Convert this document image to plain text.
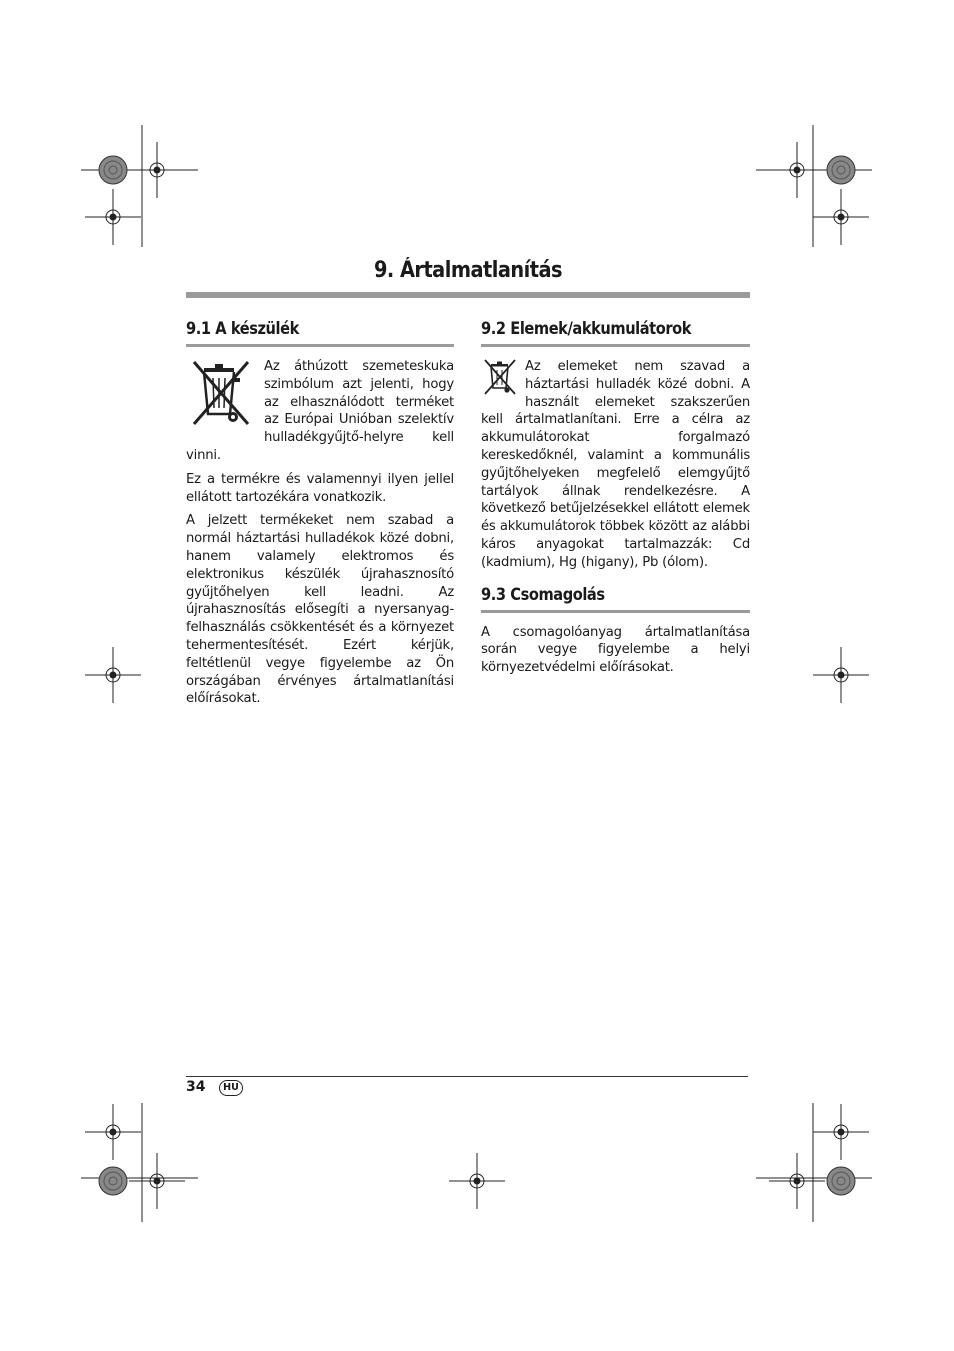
9. Ártalmatlanítás
9.1 A készülék

Az áthúzott szemeteskuka szimbólum azt jelenti, hogy az elhasználódott terméket az Európai Unióban szelektív hulladékgyűjtő-helyre kell vinni.

Ez a termékre és valamennyi ilyen jellel ellátott tartozékára vonatkozik.

A jelzett termékeket nem szabad a normál háztartási hulladékok közé dobni, hanem valamely elektromos és elektronikus készülék újrahasznosító gyűjtőhelyen kell leadni. Az újrahasznosítás elősegíti a nyersanyag-felhasználás csökkentését és a környezet tehermentesítését. Ezért kérjük, feltétlenül vegye figyelembe az Ön országában érvényes ártalmatlanítási előírásokat.

9.2 Elemek/akkumulátorok

Az elemeket nem szavad a háztartási hulladék közé dobni. A használt elemeket szakszerűen kell ártalmatlanítani. Erre a célra az akkumulátorokat forgalmazó kereskedőknél, valamint a kommunális gyűjtőhelyeken megfelelő elemgyűjtő tartályok állnak rendelkezésre. A következő betűjelzésekkel ellátott elemek és akkumulátorok többek között az alábbi káros anyagokat tartalmazzák: Cd (kadmium), Hg (higany), Pb (ólom).

9.3 Csomagolás

A csomagolóanyag ártalmatlanítása során vegye figyelembe a helyi környezetvédelmi előírásokat.

34	HU
